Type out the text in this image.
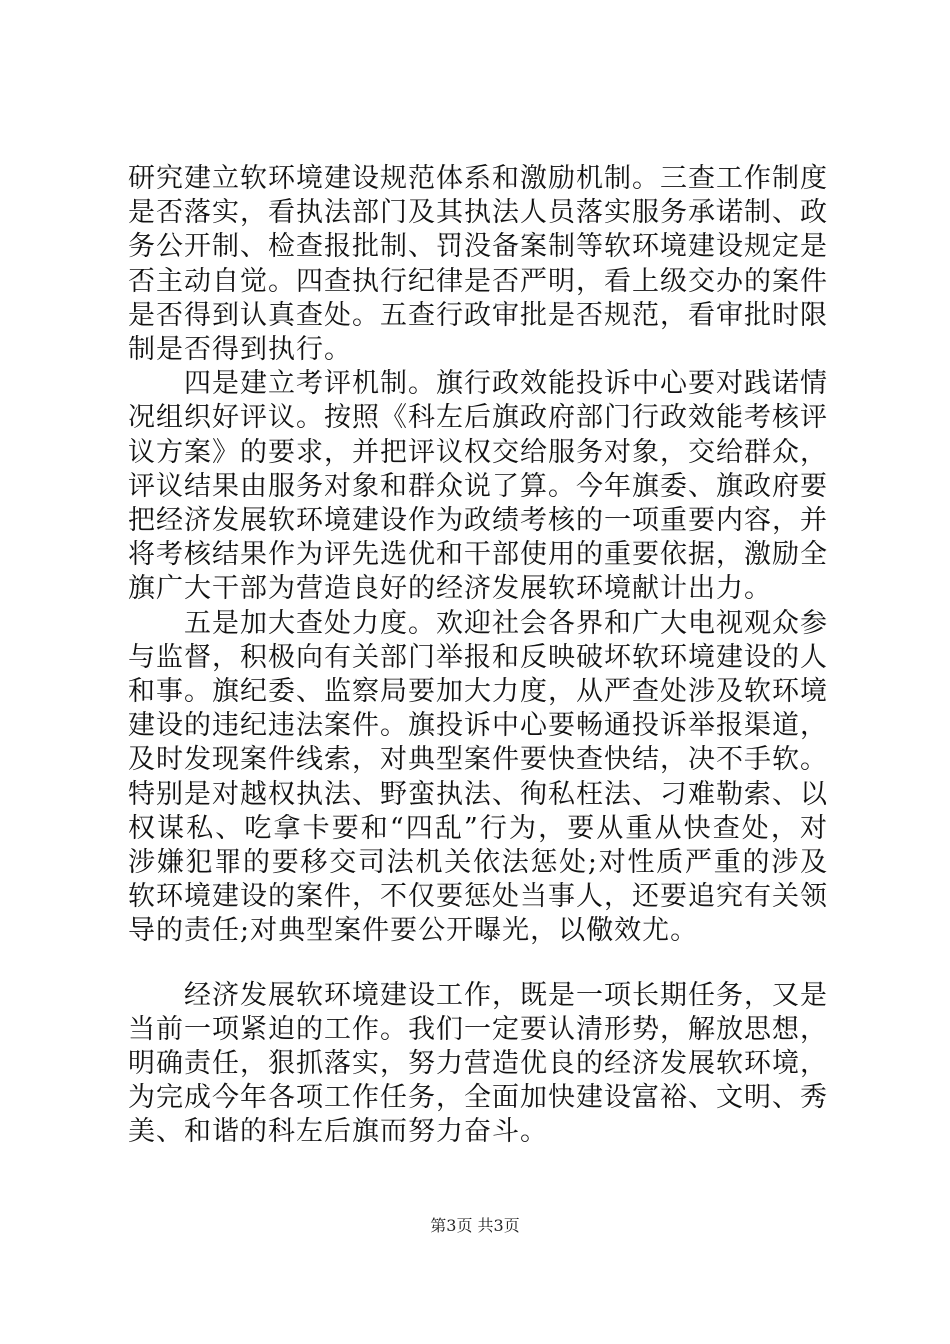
研究建立软环境建设规范体系和激励机制。三查工作制度是否落实，看执法部门及其执法人员落实服务承诺制、政务公开制、检查报批制、罚没备案制等软环境建设规定是否主动自觉。四查执行纪律是否严明，看上级交办的案件是否得到认真查处。五查行政审批是否规范，看审批时限制是否得到执行。

四是建立考评机制。旗行政效能投诉中心要对践诺情况组织好评议。按照《科左后旗政府部门行政效能考核评议方案》的要求，并把评议权交给服务对象，交给群众，评议结果由服务对象和群众说了算。今年旗委、旗政府要把经济发展软环境建设作为政绩考核的一项重要内容，并将考核结果作为评先选优和干部使用的重要依据，激励全旗广大干部为营造良好的经济发展软环境献计出力。

五是加大查处力度。欢迎社会各界和广大电视观众参与监督，积极向有关部门举报和反映破坏软环境建设的人和事。旗纪委、监察局要加大力度，从严查处涉及软环境建设的违纪违法案件。旗投诉中心要畅通投诉举报渠道，及时发现案件线索，对典型案件要快查快结，决不手软。特别是对越权执法、野蛮执法、徇私枉法、刁难勒索、以权谋私、吃拿卡要和“四乱”行为，要从重从快查处，对涉嫌犯罪的要移交司法机关依法惩处;对性质严重的涉及软环境建设的案件，不仅要惩处当事人，还要追究有关领导的责任;对典型案件要公开曝光，以儆效尤。

经济发展软环境建设工作，既是一项长期任务，又是当前一项紧迫的工作。我们一定要认清形势，解放思想，明确责任，狠抓落实，努力营造优良的经济发展软环境，为完成今年各项工作任务，全面加快建设富裕、文明、秀美、和谐的科左后旗而努力奋斗。

第3页 共3页
